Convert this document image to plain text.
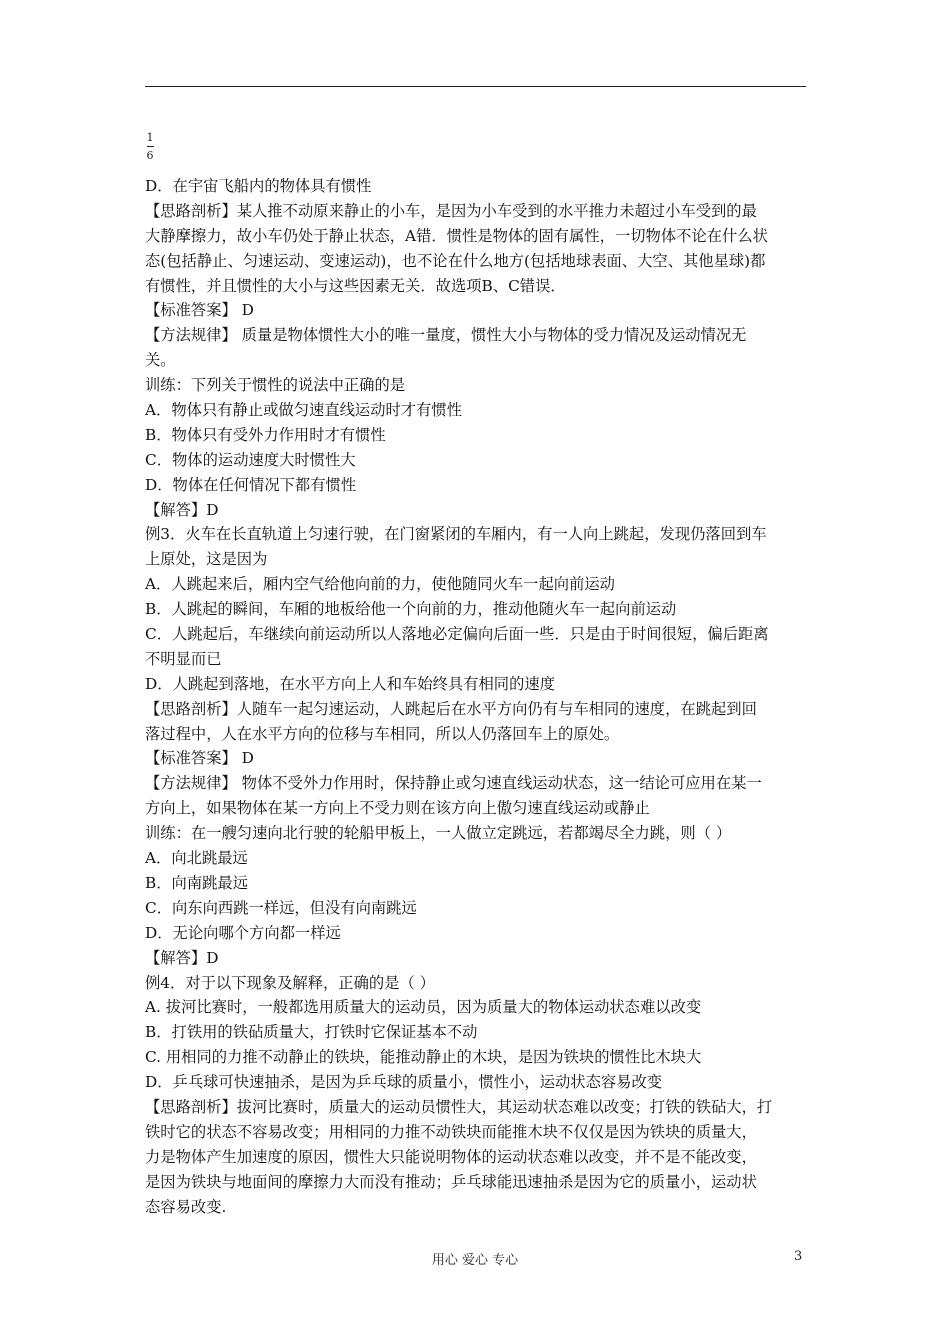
1
6
D．在宇宙飞船内的物体具有惯性
【思路剖析】某人推不动原来静止的小车，是因为小车受到的水平推力未超过小车受到的最
大静摩擦力，故小车仍处于静止状态，A错．惯性是物体的固有属性，一切物体不论在什么状
态(包括静止、匀速运动、变速运动)，也不论在什么地方(包括地球表面、大空、其他星球)都
有惯性，并且惯性的大小与这些因素无关．故选项B、C错误．
【标准答案】 D
【方法规律】 质量是物体惯性大小的唯一量度，惯性大小与物体的受力情况及运动情况无
关。
训练：下列关于惯性的说法中正确的是
A．物体只有静止或做匀速直线运动时才有惯性
B．物体只有受外力作用时才有惯性
C．物体的运动速度大时惯性大
D．物体在任何情况下都有惯性
【解答】D
例3．火车在长直轨道上匀速行驶，在门窗紧闭的车厢内，有一人向上跳起，发现仍落回到车
上原处，这是因为
A．人跳起来后，厢内空气给他向前的力，使他随同火车一起向前运动
B．人跳起的瞬间，车厢的地板给他一个向前的力，推动他随火车一起向前运动
C．人跳起后，车继续向前运动所以人落地必定偏向后面一些．只是由于时间很短，偏后距离
不明显而已
D．人跳起到落地，在水平方向上人和车始终具有相同的速度
【思路剖析】人随车一起匀速运动，人跳起后在水平方向仍有与车相同的速度，在跳起到回
落过程中，人在水平方向的位移与车相同，所以人仍落回车上的原处。
【标准答案】 D
【方法规律】 物体不受外力作用时，保持静止或匀速直线运动状态，这一结论可应用在某一
方向上，如果物体在某一方向上不受力则在该方向上傲匀速直线运动或静止
训练：在一艘匀速向北行驶的轮船甲板上，一人做立定跳远，若都竭尽全力跳，则（ ）
A．向北跳最远
B．向南跳最远
C．向东向西跳一样远，但没有向南跳远
D．无论向哪个方向都一样远
【解答】D
例4．对于以下现象及解释，正确的是（ ）
A. 拔河比赛时，一般都选用质量大的运动员，因为质量大的物体运动状态难以改变
B．打铁用的铁砧质量大，打铁时它保证基本不动
C. 用相同的力推不动静止的铁块，能推动静止的木块，是因为铁块的惯性比木块大
D．乒乓球可快速抽杀，是因为乒乓球的质量小，惯性小，运动状态容易改变
【思路剖析】拔河比赛时，质量大的运动员惯性大，其运动状态难以改变；打铁的铁砧大，打
铁时它的状态不容易改变；用相同的力推不动铁块而能推木块不仅仅是因为铁块的质量大，
力是物体产生加速度的原因，惯性大只能说明物体的运动状态难以改变，并不是不能改变，
是因为铁块与地面间的摩擦力大而没有推动；乒乓球能迅速抽杀是因为它的质量小，运动状
态容易改变.
用心 爱心 专心	3
